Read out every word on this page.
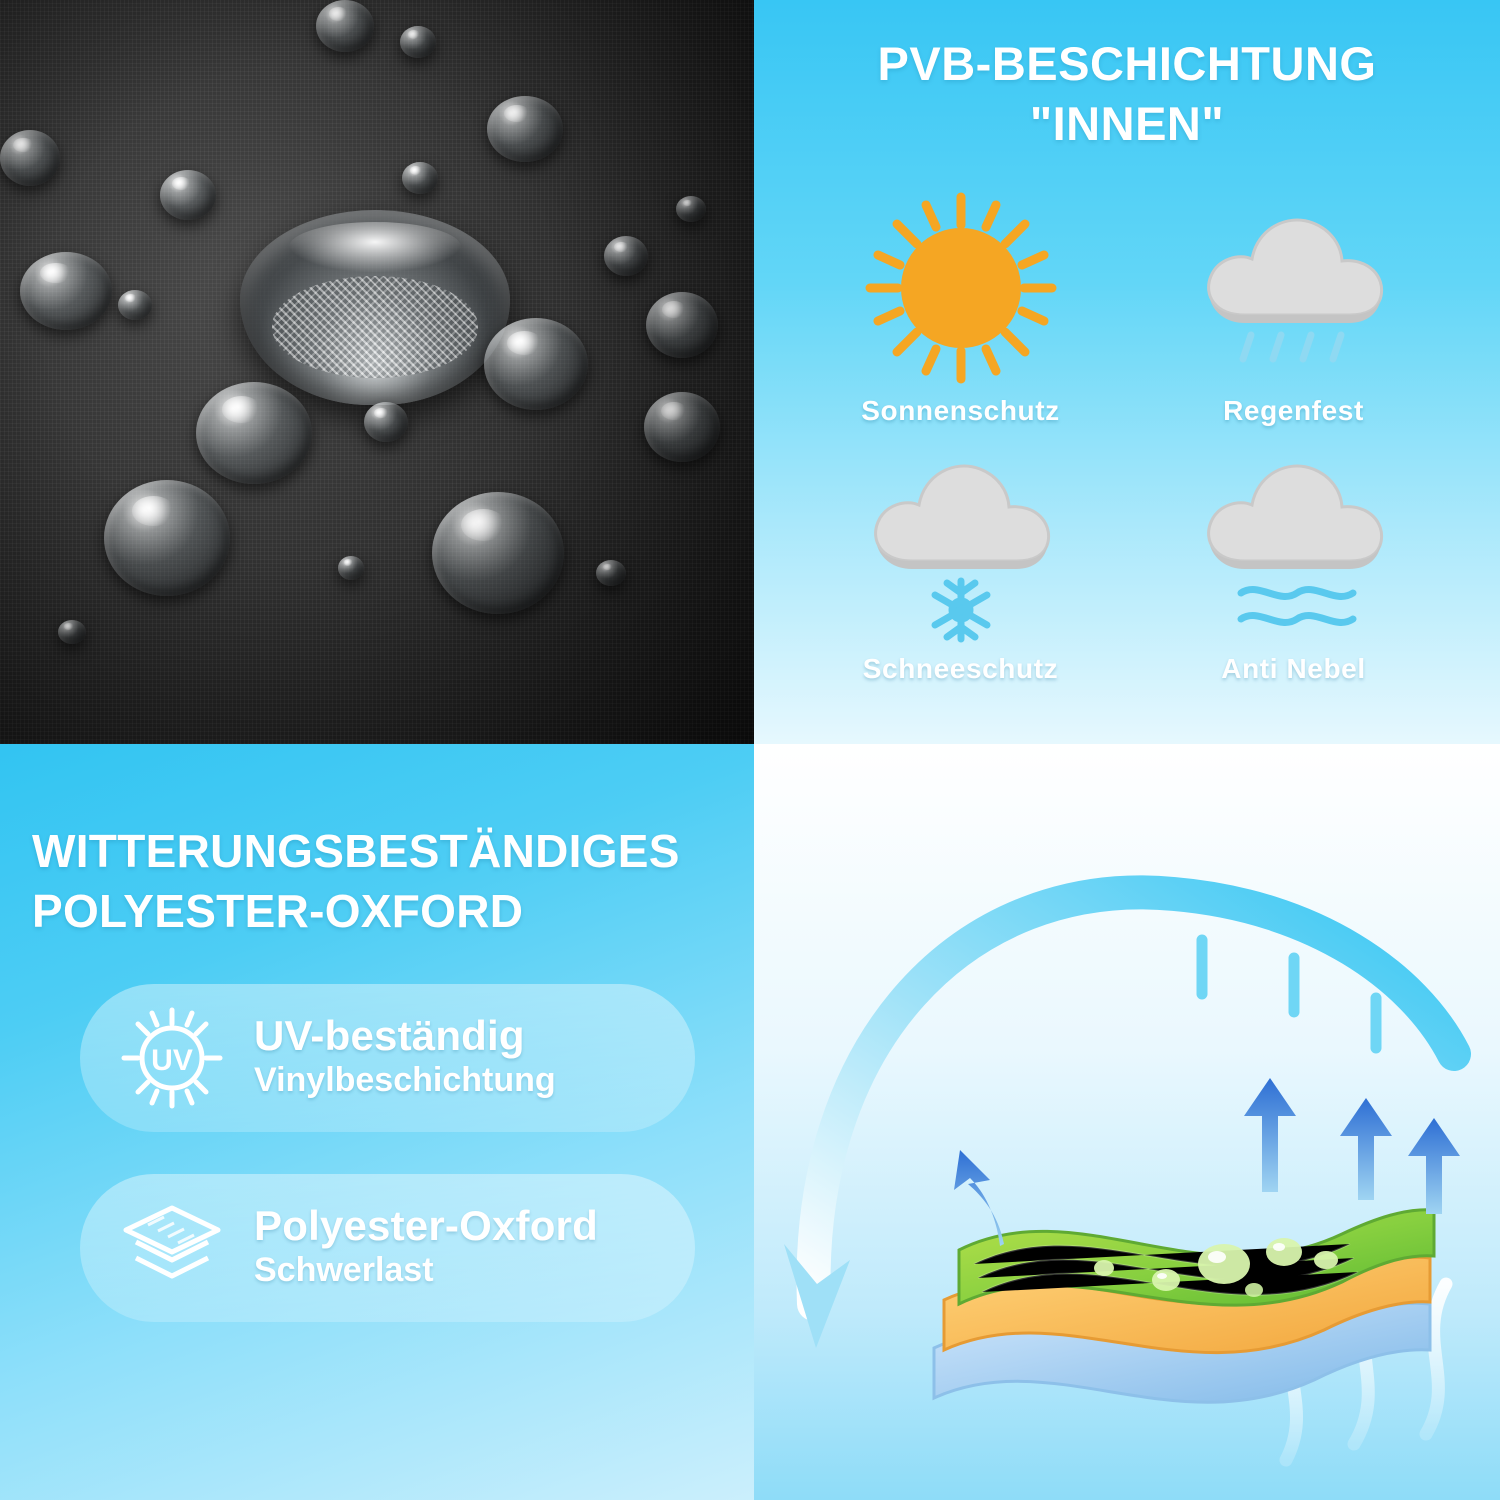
PVB-BESCHICHTUNG
"INNEN"
Sonnenschutz	Regenfest
Schneeschutz	Anti Nebel
WITTERUNGSBESTÄNDIGES
POLYESTER-OXFORD
UV
UV-beständig
Vinylbeschichtung
Polyester-Oxford
Schwerlast
